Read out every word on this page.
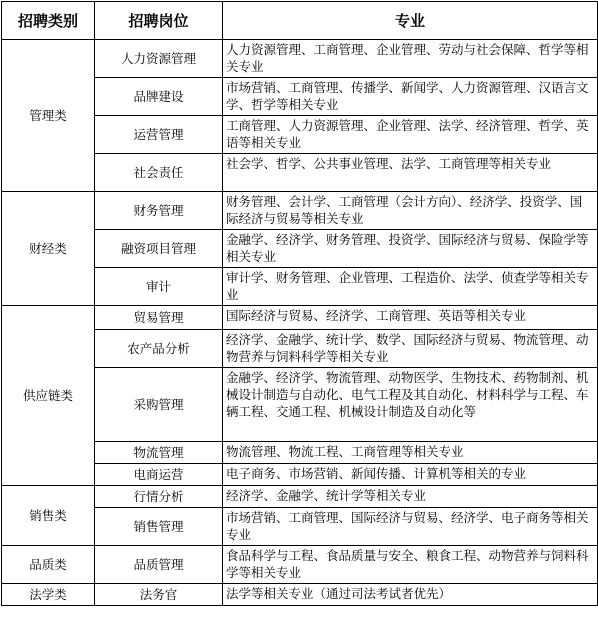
招聘类别	招聘岗位	专业
管理类	人力资源管理	人力资源管理、工商管理、企业管理、劳动与社会保障、哲学等相关专业
	品牌建设	市场营销、工商管理、传播学、新闻学、人力资源管理、汉语言文学、哲学等相关专业
	运营管理	工商管理、人力资源管理、企业管理、法学、经济管理、哲学、英语等相关专业
	社会责任	社会学、哲学、公共事业管理、法学、工商管理等相关专业
财经类	财务管理	财务管理、会计学、工商管理（会计方向）、经济学、投资学、国际经济与贸易等相关专业
	融资项目管理	金融学、经济学、财务管理、投资学、国际经济与贸易、保险学等相关专业
	审计	审计学、财务管理、企业管理、工程造价、法学、侦查学等相关专业
供应链类	贸易管理	国际经济与贸易、经济学、工商管理、英语等相关专业
	农产品分析	经济学、金融学、统计学、数学、国际经济与贸易、物流管理、动物营养与饲料科学等相关专业
	采购管理	金融学、经济学、物流管理、动物医学、生物技术、药物制剂、机械设计制造与自动化、电气工程及其自动化、材料科学与工程、车辆工程、交通工程、机械设计制造及自动化等
	物流管理	物流管理、物流工程、工商管理等相关专业
	电商运营	电子商务、市场营销、新闻传播、计算机等相关的专业
销售类	行情分析	经济学、金融学、统计学等相关专业
	销售管理	市场营销、工商管理、国际经济与贸易、经济学、电子商务等相关专业
品质类	品质管理	食品科学与工程、食品质量与安全、粮食工程、动物营养与饲料科学等相关专业
法学类	法务官	法学等相关专业（通过司法考试者优先）
